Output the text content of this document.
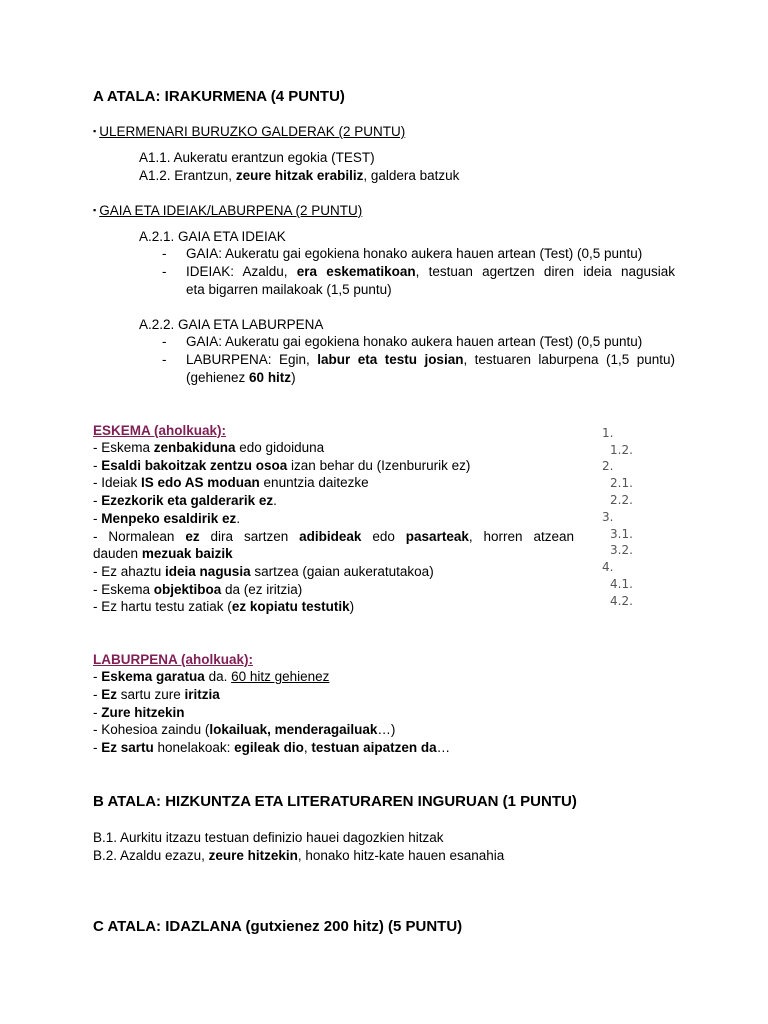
A ATALA: IRAKURMENA (4 PUNTU)
▪ ULERMENARI BURUZKO GALDERAK (2 PUNTU)
A1.1. Aukeratu erantzun egokia (TEST)
A1.2. Erantzun, zeure hitzak erabiliz, galdera batzuk
▪ GAIA ETA IDEIAK/LABURPENA (2 PUNTU)
A.2.1. GAIA ETA IDEIAK
- GAIA: Aukeratu gai egokiena honako aukera hauen artean (Test) (0,5 puntu)
- IDEIAK: Azaldu, era eskematikoan, testuan agertzen diren ideia nagusiak
eta bigarren mailakoak (1,5 puntu)
A.2.2. GAIA ETA LABURPENA
- GAIA: Aukeratu gai egokiena honako aukera hauen artean (Test) (0,5 puntu)
- LABURPENA: Egin, labur eta testu josian, testuaren laburpena (1,5 puntu)
(gehienez 60 hitz)
ESKEMA (aholkuak):
- Eskema zenbakiduna edo gidoiduna
- Esaldi bakoitzak zentzu osoa izan behar du (Izenbururik ez)
- Ideiak IS edo AS moduan enuntzia daitezke
- Ezezkorik eta galderarik ez.
- Menpeko esaldirik ez.
- Normalean ez dira sartzen adibideak edo pasarteak, horren atzean
dauden mezuak baizik
- Ez ahaztu ideia nagusia sartzea (gaian aukeratutakoa)
- Eskema objektiboa da (ez iritzia)
- Ez hartu testu zatiak (ez kopiatu testutik)
1.
1.2.
2.
2.1.
2.2.
3.
3.1.
3.2.
4.
4.1.
4.2.
LABURPENA (aholkuak):
- Eskema garatua da. 60 hitz gehienez
- Ez sartu zure iritzia
- Zure hitzekin
- Kohesioa zaindu (lokailuak, menderagailuak…)
- Ez sartu honelakoak: egileak dio, testuan aipatzen da…
B ATALA: HIZKUNTZA ETA LITERATURAREN INGURUAN (1 PUNTU)
B.1. Aurkitu itzazu testuan definizio hauei dagozkien hitzak
B.2. Azaldu ezazu, zeure hitzekin, honako hitz-kate hauen esanahia
C ATALA: IDAZLANA (gutxienez 200 hitz) (5 PUNTU)
